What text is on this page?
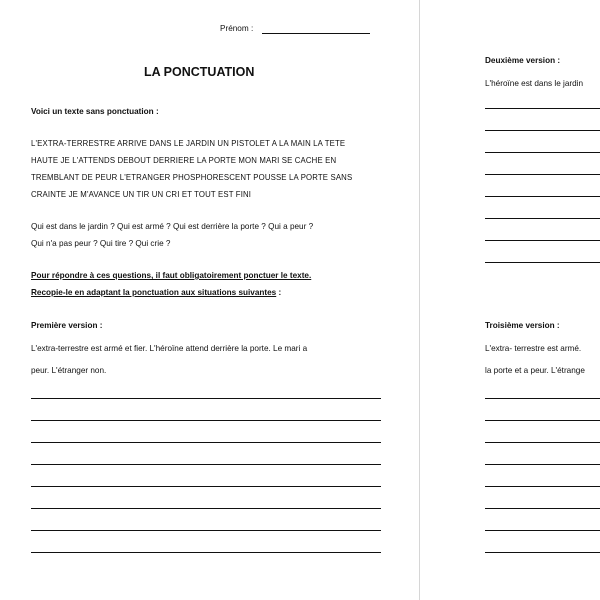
Prénom :
LA PONCTUATION
Voici un texte sans ponctuation :
L'EXTRA-TERRESTRE ARRIVE DANS LE JARDIN UN PISTOLET A LA MAIN LA TETE
HAUTE JE L'ATTENDS DEBOUT DERRIERE LA PORTE MON MARI SE CACHE EN
TREMBLANT DE PEUR L'ETRANGER PHOSPHORESCENT POUSSE LA PORTE SANS
CRAINTE JE M'AVANCE UN TIR UN CRI ET TOUT EST FINI
Qui est dans le jardin ? Qui est armé ? Qui est derrière la porte ? Qui a peur ?
Qui n'a pas peur ? Qui tire ? Qui crie ?
Pour répondre à ces questions, il faut obligatoirement ponctuer le texte.
Recopie-le en adaptant la ponctuation aux situations suivantes :
Première version :
L'extra-terrestre est armé et fier. L'héroïne attend derrière la porte. Le mari a
peur. L'étranger non.
Deuxième version :
L'héroïne est dans le jardin
Troisième version :
L'extra- terrestre est armé.
la porte et a peur. L'étrange
